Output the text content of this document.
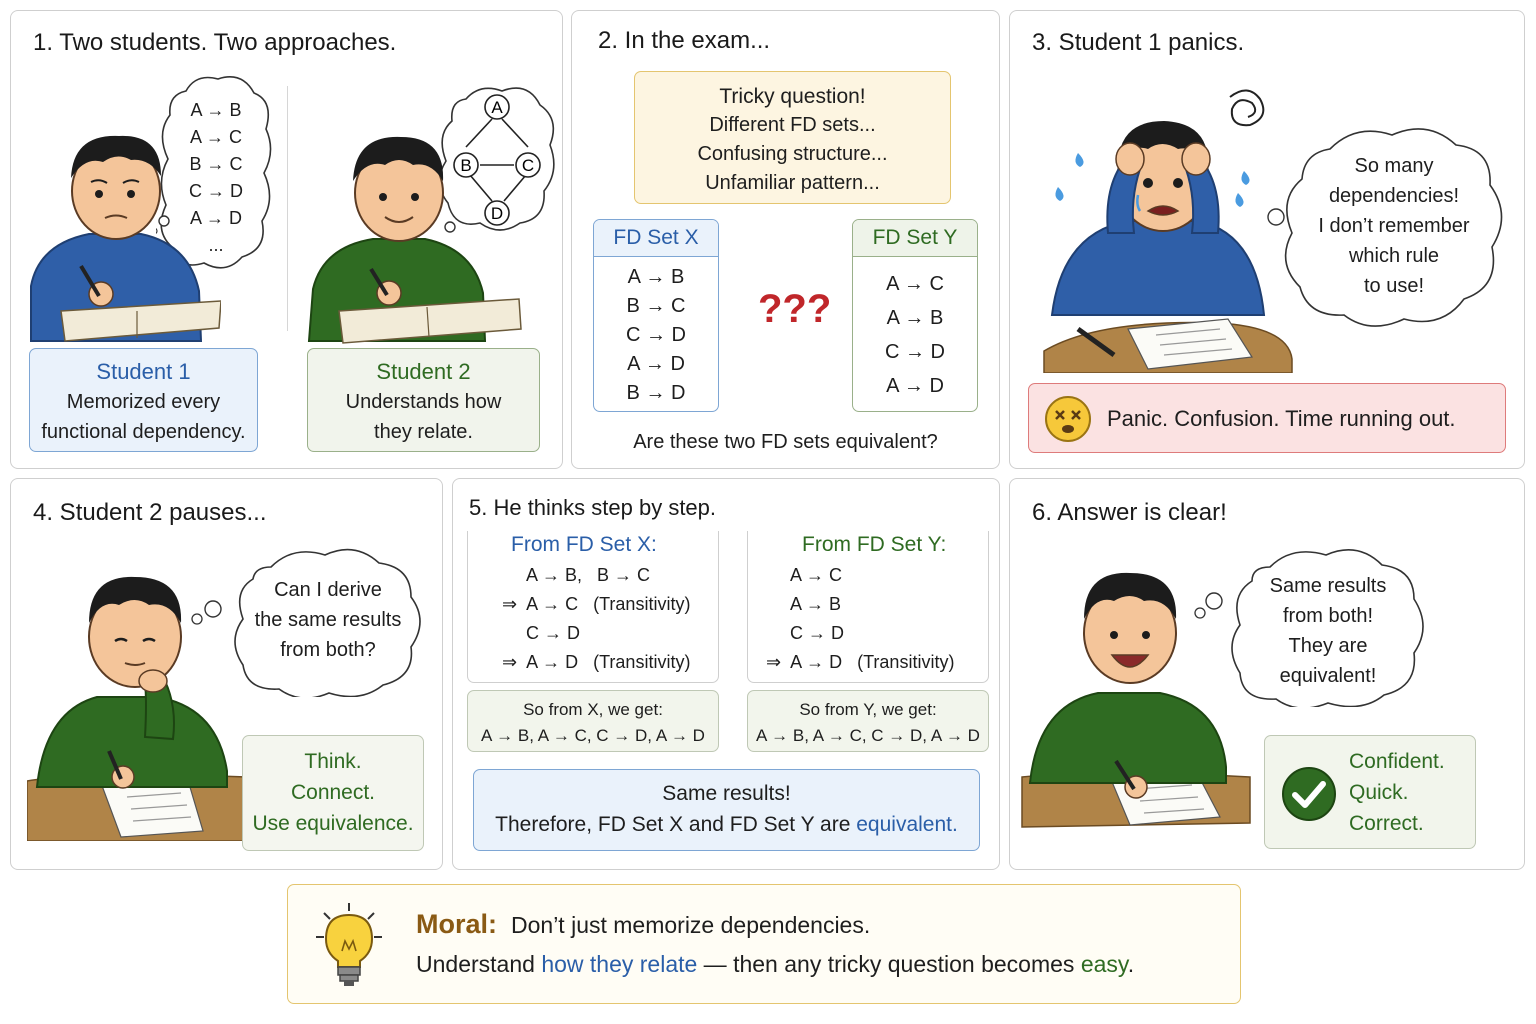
1. Two students. Two approaches.
A → B
A → C
B → C
C → D
A → D
...
A
B	C
D
Student 1
Memorized every
functional dependency.
Student 2
Understands how
they relate.
2. In the exam...
Tricky question!
Different FD sets...
Confusing structure...
Unfamiliar pattern...
FD Set X
A → B
B → C
C → D
A → D
B → D
???
FD Set Y
A → C
A → B
C → D
A → D
Are these two FD sets equivalent?
3. Student 1 panics.
So many
dependencies!
I don’t remember
which rule
to use!
Panic. Confusion. Time running out.
4. Student 2 pauses...
Can I derive
the same results
from both?
Think.
Connect.
Use equivalence.
5. He thinks step by step.
From FD Set X:
A → B,   B → C
⇒  A → C   (Transitivity)
C → D
⇒  A → D   (Transitivity)
From FD Set Y:
A → C
A → B
C → D
⇒  A → D   (Transitivity)
So from X, we get:
A → B, A → C, C → D, A → D
So from Y, we get:
A → B, A → C, C → D, A → D
Same results!
Therefore, FD Set X and FD Set Y are equivalent.
6. Answer is clear!
Same results
from both!
They are
equivalent!
Confident.
Quick.
Correct.
Moral: Don’t just memorize dependencies.
Understand how they relate — then any tricky question becomes easy.
